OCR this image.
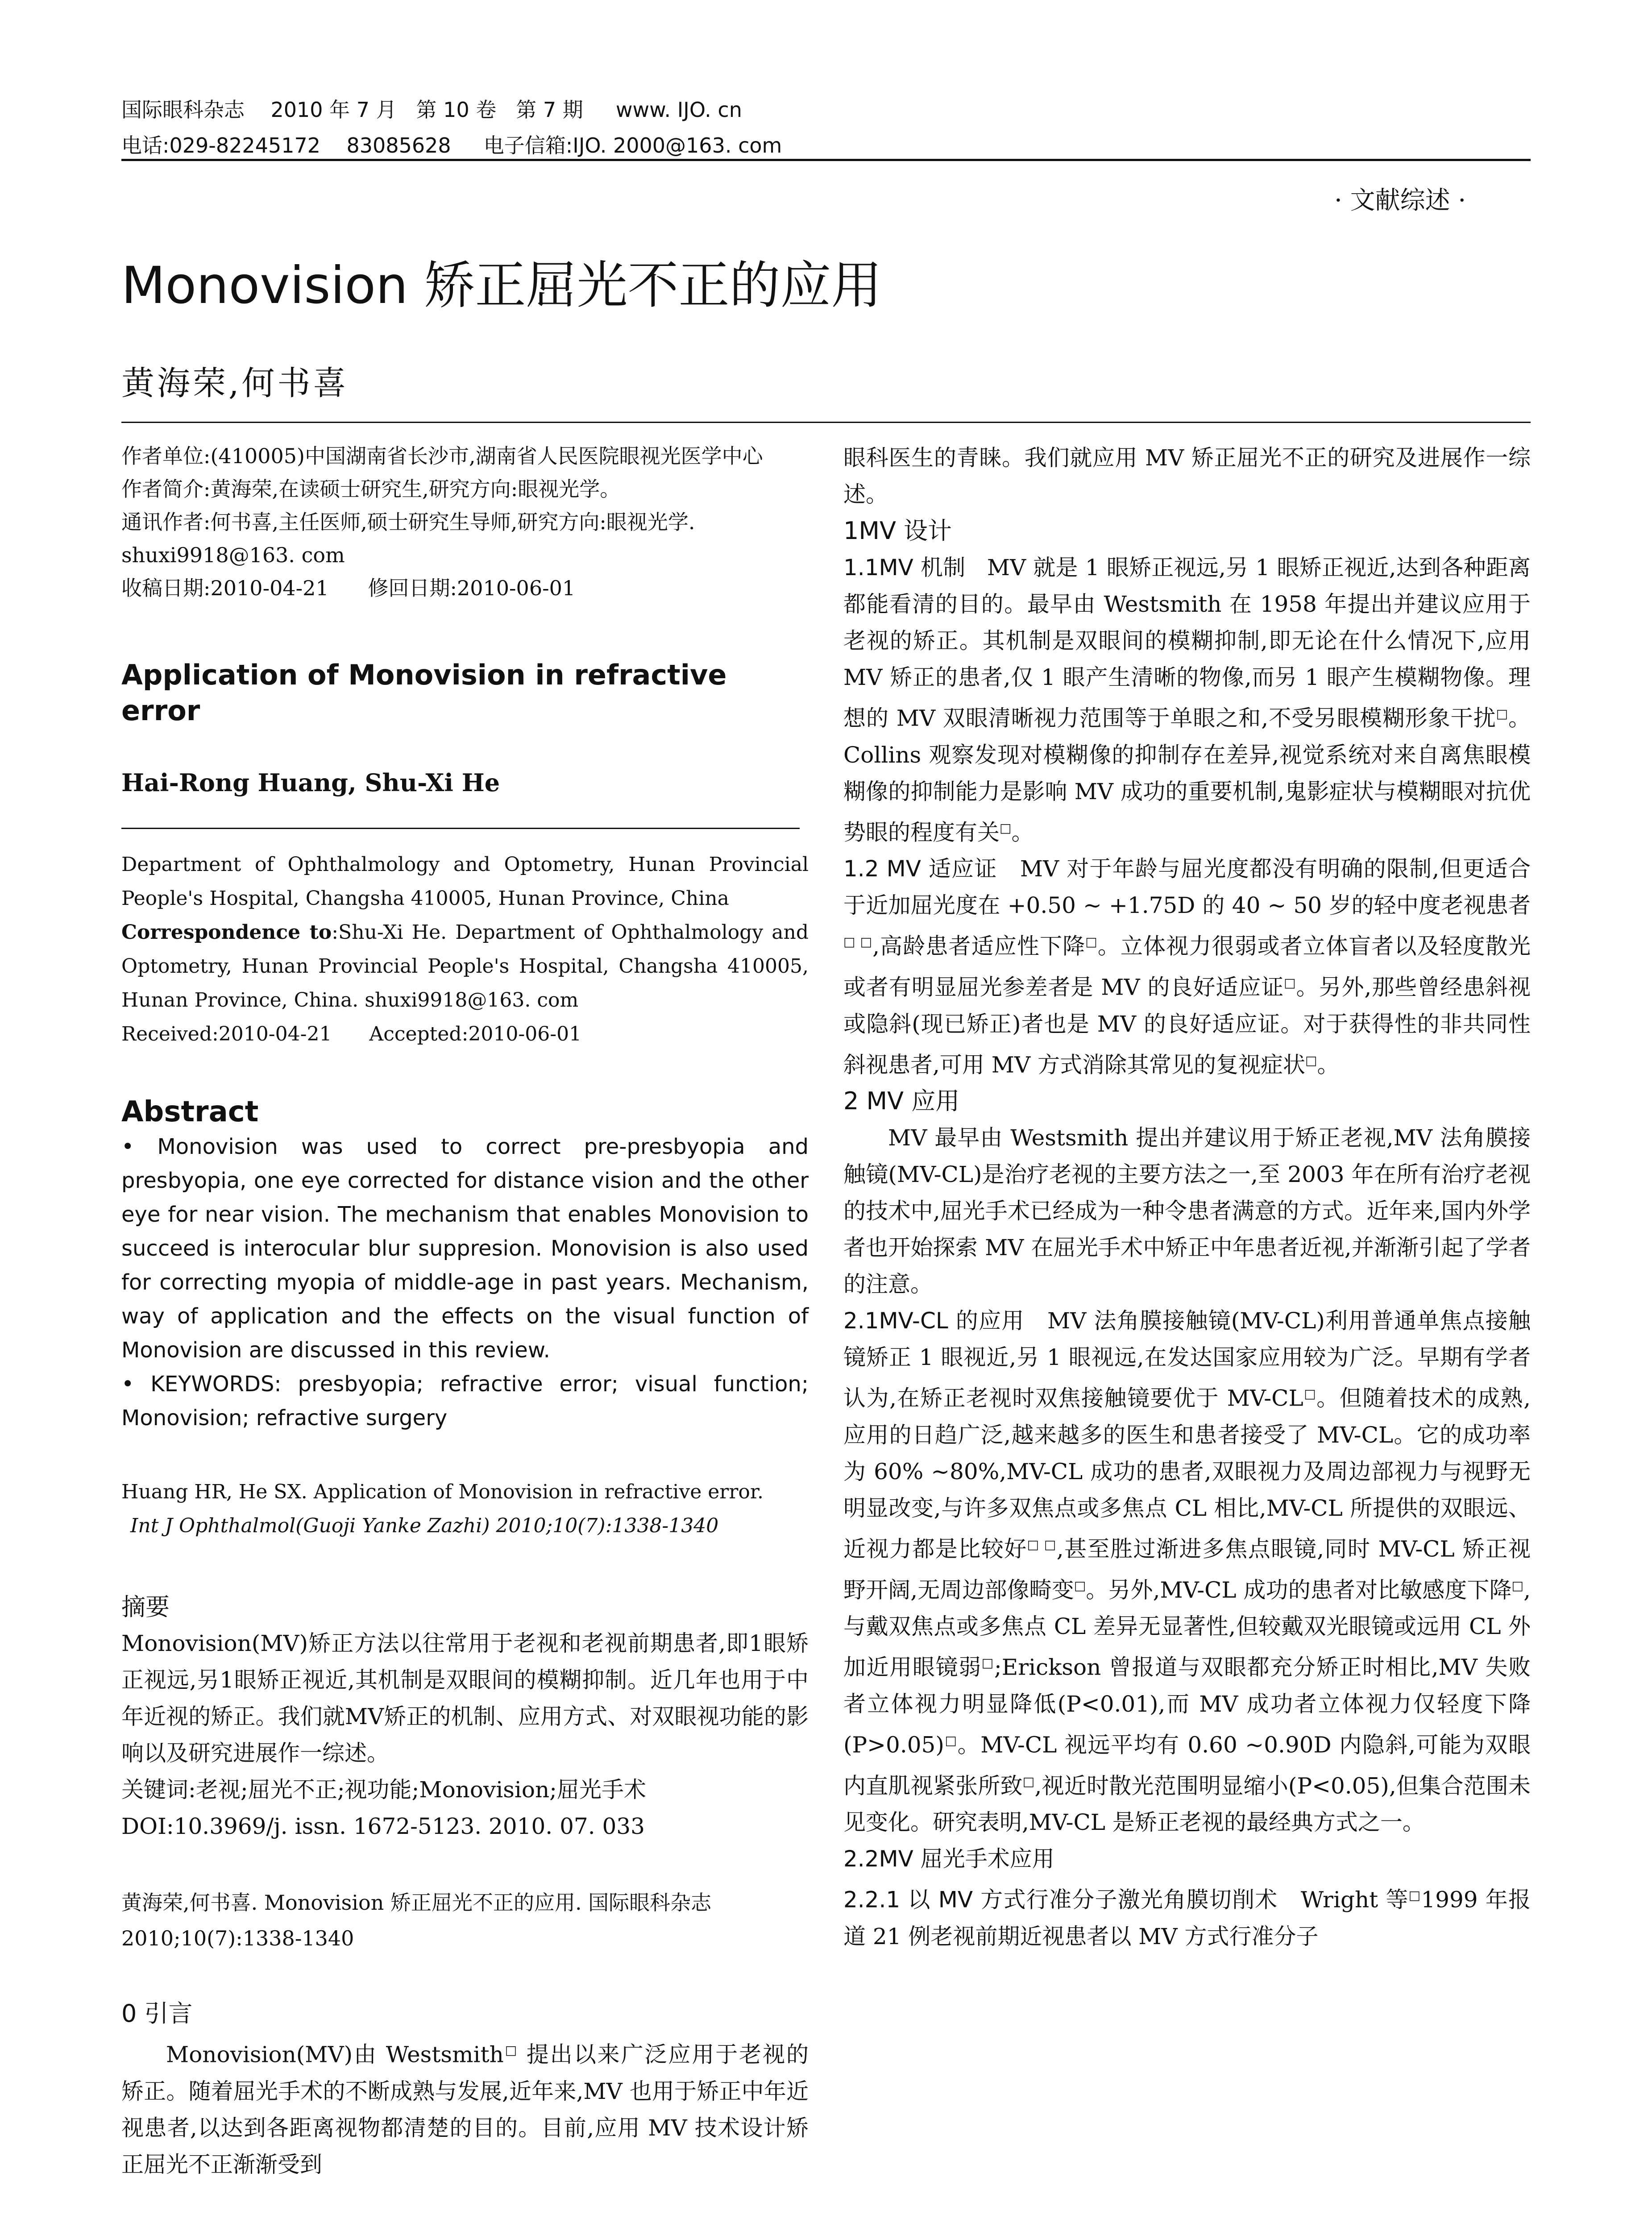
国际眼科杂志    2010 年 7 月   第 10 卷   第 7 期     www. IJO. cn
电话:029-82245172    83085628     电子信箱:IJO. 2000@163. com
· 文献综述 ·
Monovision 矫正屈光不正的应用
黄海荣,何书喜

作者单位:(410005)中国湖南省长沙市,湖南省人民医院眼视光医学中心

作者简介:黄海荣,在读硕士研究生,研究方向:眼视光学。

通讯作者:何书喜,主任医师,硕士研究生导师,研究方向:眼视光学. shuxi9918@163. com

收稿日期:2010-04-21      修回日期:2010-06-01

Application of Monovision in refractive error

Hai-Rong Huang, Shu-Xi He

Department of Ophthalmology and Optometry, Hunan Provincial People's Hospital, Changsha 410005, Hunan Province, China

Correspondence to:Shu-Xi He. Department of Ophthalmology and Optometry, Hunan Provincial People's Hospital, Changsha 410005, Hunan Province, China. shuxi9918@163. com

Received:2010-04-21      Accepted:2010-06-01

Abstract

• Monovision was used to correct pre-presbyopia and presbyopia, one eye corrected for distance vision and the other eye for near vision. The mechanism that enables Monovision to succeed is interocular blur suppresion. Monovision is also used for correcting myopia of middle-age in past years. Mechanism, way of application and the effects on the visual function of Monovision are discussed in this review.

• KEYWORDS: presbyopia; refractive error; visual function; Monovision; refractive surgery

Huang HR, He SX. Application of Monovision in refractive error.

Int J Ophthalmol(Guoji Yanke Zazhi) 2010;10(7):1338-1340

摘要

Monovision(MV)矫正方法以往常用于老视和老视前期患者,即1眼矫正视远,另1眼矫正视近,其机制是双眼间的模糊抑制。近几年也用于中年近视的矫正。我们就MV矫正的机制、应用方式、对双眼视功能的影响以及研究进展作一综述。

关键词:老视;屈光不正;视功能;Monovision;屈光手术

DOI:10.3969/j. issn. 1672-5123. 2010. 07. 033

黄海荣,何书喜. Monovision 矫正屈光不正的应用. 国际眼科杂志 2010;10(7):1338-1340

0 引言

Monovision(MV)由 Westsmith□ 提出以来广泛应用于老视的矫正。随着屈光手术的不断成熟与发展,近年来,MV 也用于矫正中年近视患者,以达到各距离视物都清楚的目的。目前,应用 MV 技术设计矫正屈光不正渐渐受到

眼科医生的青睐。我们就应用 MV 矫正屈光不正的研究及进展作一综述。

1MV 设计

1.1MV 机制   MV 就是 1 眼矫正视远,另 1 眼矫正视近,达到各种距离都能看清的目的。最早由 Westsmith 在 1958 年提出并建议应用于老视的矫正。其机制是双眼间的模糊抑制,即无论在什么情况下,应用 MV 矫正的患者,仅 1 眼产生清晰的物像,而另 1 眼产生模糊物像。理想的 MV 双眼清晰视力范围等于单眼之和,不受另眼模糊形象干扰□。Collins 观察发现对模糊像的抑制存在差异,视觉系统对来自离焦眼模糊像的抑制能力是影响 MV 成功的重要机制,鬼影症状与模糊眼对抗优势眼的程度有关□。

1.2 MV 适应证   MV 对于年龄与屈光度都没有明确的限制,但更适合于近加屈光度在 +0.50 ~ +1.75D 的 40 ~ 50 岁的轻中度老视患者□ □,高龄患者适应性下降□。立体视力很弱或者立体盲者以及轻度散光或者有明显屈光参差者是 MV 的良好适应证□。另外,那些曾经患斜视或隐斜(现已矫正)者也是 MV 的良好适应证。对于获得性的非共同性斜视患者,可用 MV 方式消除其常见的复视症状□。

2 MV 应用

MV 最早由 Westsmith 提出并建议用于矫正老视,MV 法角膜接触镜(MV-CL)是治疗老视的主要方法之一,至 2003 年在所有治疗老视的技术中,屈光手术已经成为一种令患者满意的方式。近年来,国内外学者也开始探索 MV 在屈光手术中矫正中年患者近视,并渐渐引起了学者的注意。

2.1MV-CL 的应用   MV 法角膜接触镜(MV-CL)利用普通单焦点接触镜矫正 1 眼视近,另 1 眼视远,在发达国家应用较为广泛。早期有学者认为,在矫正老视时双焦接触镜要优于 MV-CL□。但随着技术的成熟,应用的日趋广泛,越来越多的医生和患者接受了 MV-CL。它的成功率为 60% ~80%,MV-CL 成功的患者,双眼视力及周边部视力与视野无明显改变,与许多双焦点或多焦点 CL 相比,MV-CL 所提供的双眼远、近视力都是比较好□ □,甚至胜过渐进多焦点眼镜,同时 MV-CL 矫正视野开阔,无周边部像畸变□。另外,MV-CL 成功的患者对比敏感度下降□,与戴双焦点或多焦点 CL 差异无显著性,但较戴双光眼镜或远用 CL 外加近用眼镜弱□;Erickson 曾报道与双眼都充分矫正时相比,MV 失败者立体视力明显降低(P<0.01),而 MV 成功者立体视力仅轻度下降(P>0.05)□。MV-CL 视远平均有 0.60 ~0.90D 内隐斜,可能为双眼内直肌视紧张所致□,视近时散光范围明显缩小(P<0.05),但集合范围未见变化。研究表明,MV-CL 是矫正老视的最经典方式之一。

2.2MV 屈光手术应用

2.2.1 以 MV 方式行准分子激光角膜切削术   Wright 等□1999 年报道 21 例老视前期近视患者以 MV 方式行准分子
